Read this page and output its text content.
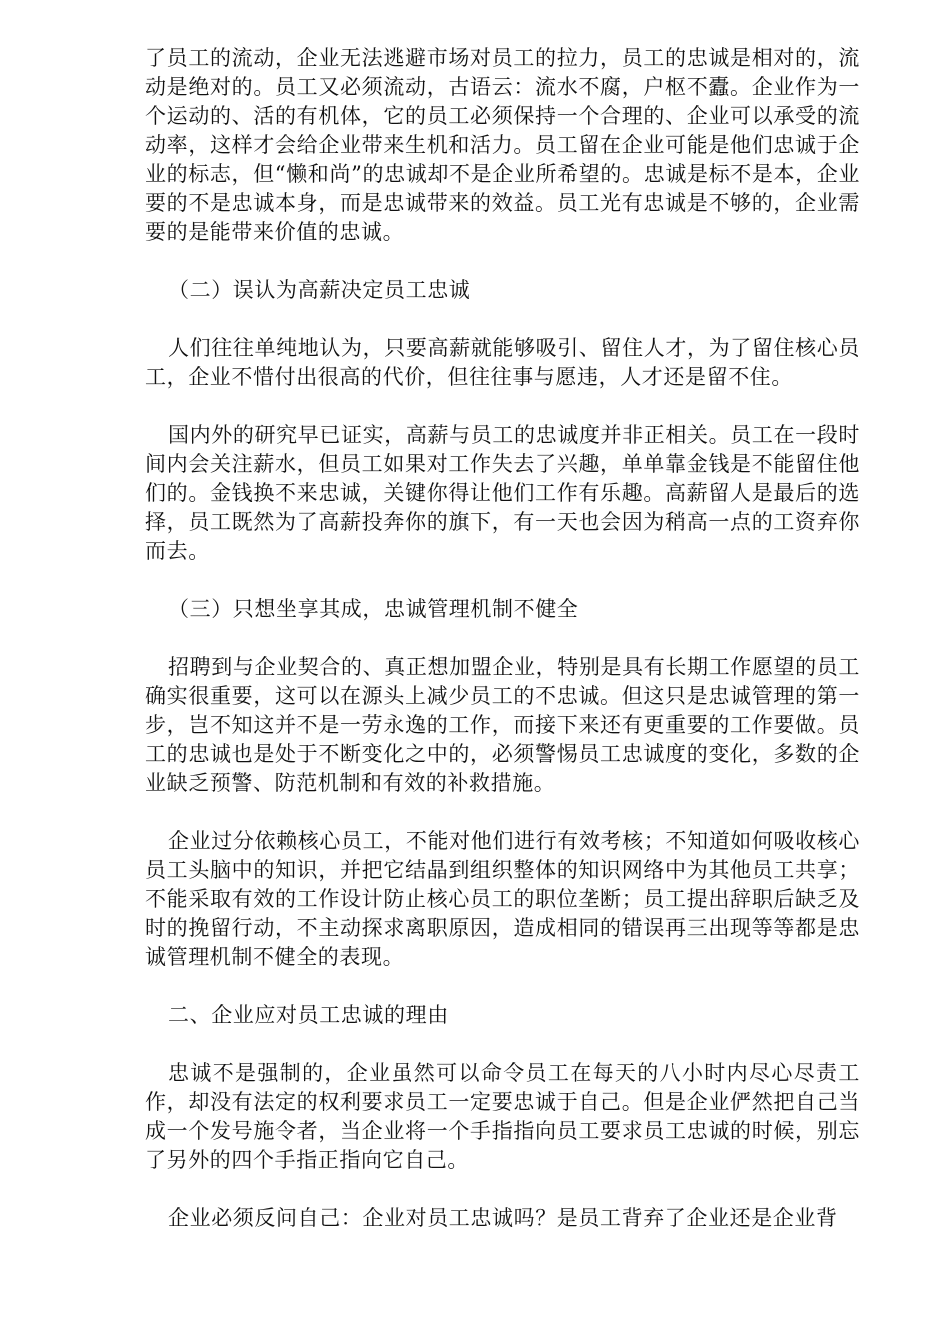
了员工的流动，企业无法逃避市场对员工的拉力，员工的忠诚是相对的，流动是绝对的。员工又必须流动，古语云：流水不腐，户枢不蠹。企业作为一个运动的、活的有机体，它的员工必须保持一个合理的、企业可以承受的流动率，这样才会给企业带来生机和活力。员工留在企业可能是他们忠诚于企业的标志，但“懒和尚”的忠诚却不是企业所希望的。忠诚是标不是本，企业要的不是忠诚本身，而是忠诚带来的效益。员工光有忠诚是不够的，企业需要的是能带来价值的忠诚。

（二）误认为高薪决定员工忠诚

人们往往单纯地认为，只要高薪就能够吸引、留住人才，为了留住核心员工，企业不惜付出很高的代价，但往往事与愿违，人才还是留不住。

国内外的研究早已证实，高薪与员工的忠诚度并非正相关。员工在一段时间内会关注薪水，但员工如果对工作失去了兴趣，单单靠金钱是不能留住他们的。金钱换不来忠诚，关键你得让他们工作有乐趣。高薪留人是最后的选择，员工既然为了高薪投奔你的旗下，有一天也会因为稍高一点的工资弃你而去。

（三）只想坐享其成，忠诚管理机制不健全

招聘到与企业契合的、真正想加盟企业，特别是具有长期工作愿望的员工确实很重要，这可以在源头上减少员工的不忠诚。但这只是忠诚管理的第一步，岂不知这并不是一劳永逸的工作，而接下来还有更重要的工作要做。员工的忠诚也是处于不断变化之中的，必须警惕员工忠诚度的变化，多数的企业缺乏预警、防范机制和有效的补救措施。

企业过分依赖核心员工，不能对他们进行有效考核；不知道如何吸收核心员工头脑中的知识，并把它结晶到组织整体的知识网络中为其他员工共享；不能采取有效的工作设计防止核心员工的职位垄断；员工提出辞职后缺乏及时的挽留行动，不主动探求离职原因，造成相同的错误再三出现等等都是忠诚管理机制不健全的表现。

二、企业应对员工忠诚的理由

忠诚不是强制的，企业虽然可以命令员工在每天的八小时内尽心尽责工作，却没有法定的权利要求员工一定要忠诚于自己。但是企业俨然把自己当成一个发号施令者，当企业将一个手指指向员工要求员工忠诚的时候，别忘了另外的四个手指正指向它自己。

企业必须反问自己：企业对员工忠诚吗？是员工背弃了企业还是企业背
